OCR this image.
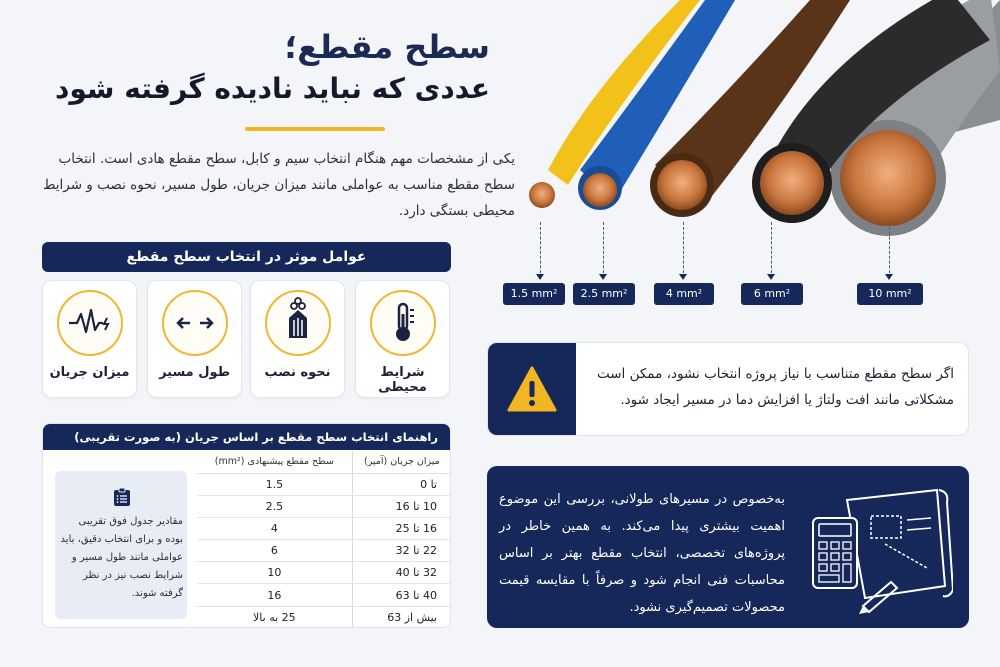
سطح مقطع؛
عددی که نباید نادیده گرفته شود
یکی از مشخصات مهم هنگام انتخاب سیم و کابل، سطح مقطع هادی است. انتخاب سطح مقطع مناسب به عواملی مانند میزان جریان، طول مسیر، نحوه نصب و شرایط محیطی بستگی دارد.
عوامل موثر در انتخاب سطح مقطع
شرایط محیطی
نحوه نصب
طول مسیر
میزان جریان
راهنمای انتخاب سطح مقطع بر اساس جریان (به صورت تقریبی)
مقادیر جدول فوق تقریبی بوده و برای انتخاب دقیق، باید عواملی مانند طول مسیر و شرایط نصب نیز در نظر گرفته شوند.
میزان جریان (آمپر)	سطح مقطع پیشنهادی (mm²)
تا 0	1.5
10 تا 16	2.5
16 تا 25	4
22 تا 32	6
32 تا 40	10
40 تا 63	16
بیش از 63	25 به بالا
1.5 mm²	2.5 mm²	4 mm²	6 mm²	10 mm²
اگر سطح مقطع متناسب با نیاز پروژه انتخاب نشود، ممکن است مشکلاتی مانند افت ولتاژ یا افزایش دما در مسیر ایجاد شود.
به‌خصوص در مسیرهای طولانی، بررسی این موضوع اهمیت بیشتری پیدا می‌کند. به همین خاطر در پروژه‌های تخصصی، انتخاب مقطع بهتر بر اساس محاسبات فنی انجام شود و صرفاً با مقایسه قیمت محصولات تصمیم‌گیری نشود.
